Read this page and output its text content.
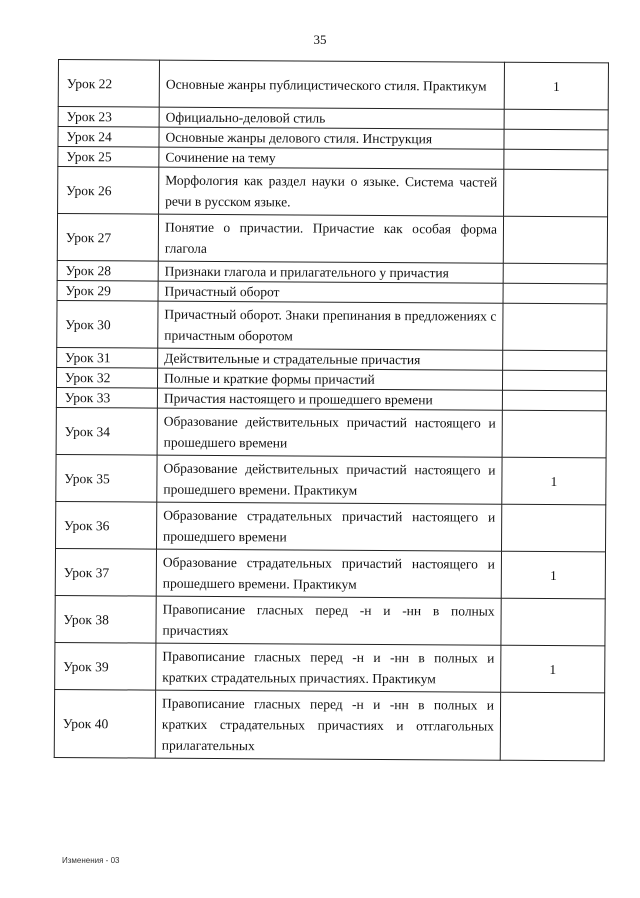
35
Урок 22	Основные жанры публицистического стиля. Практикум	1
Урок 23	Официально-деловой стиль	
Урок 24	Основные жанры делового стиля. Инструкция	
Урок 25	Сочинение на тему	
Урок 26	Морфология как раздел науки о языке. Система частей речи в русском языке.	
Урок 27	Понятие о причастии. Причастие как особая форма глагола	
Урок 28	Признаки глагола и прилагательного у причастия	
Урок 29	Причастный оборот	
Урок 30	Причастный оборот. Знаки препинания в предложениях с причастным оборотом	
Урок 31	Действительные и страдательные причастия	
Урок 32	Полные и краткие формы причастий	
Урок 33	Причастия настоящего и прошедшего времени	
Урок 34	Образование действительных причастий настоящего и прошедшего времени	
Урок 35	Образование действительных причастий настоящего и прошедшего времени. Практикум	1
Урок 36	Образование страдательных причастий настоящего и прошедшего времени	
Урок 37	Образование страдательных причастий настоящего и прошедшего времени. Практикум	1
Урок 38	Правописание гласных перед -н и -нн в полных причастиях	
Урок 39	Правописание гласных перед -н и -нн в полных и кратких страдательных причастиях. Практикум	1
Урок 40	Правописание гласных перед -н и -нн в полных и кратких страдательных причастиях и отглагольных прилагательных	
Изменения - 03
